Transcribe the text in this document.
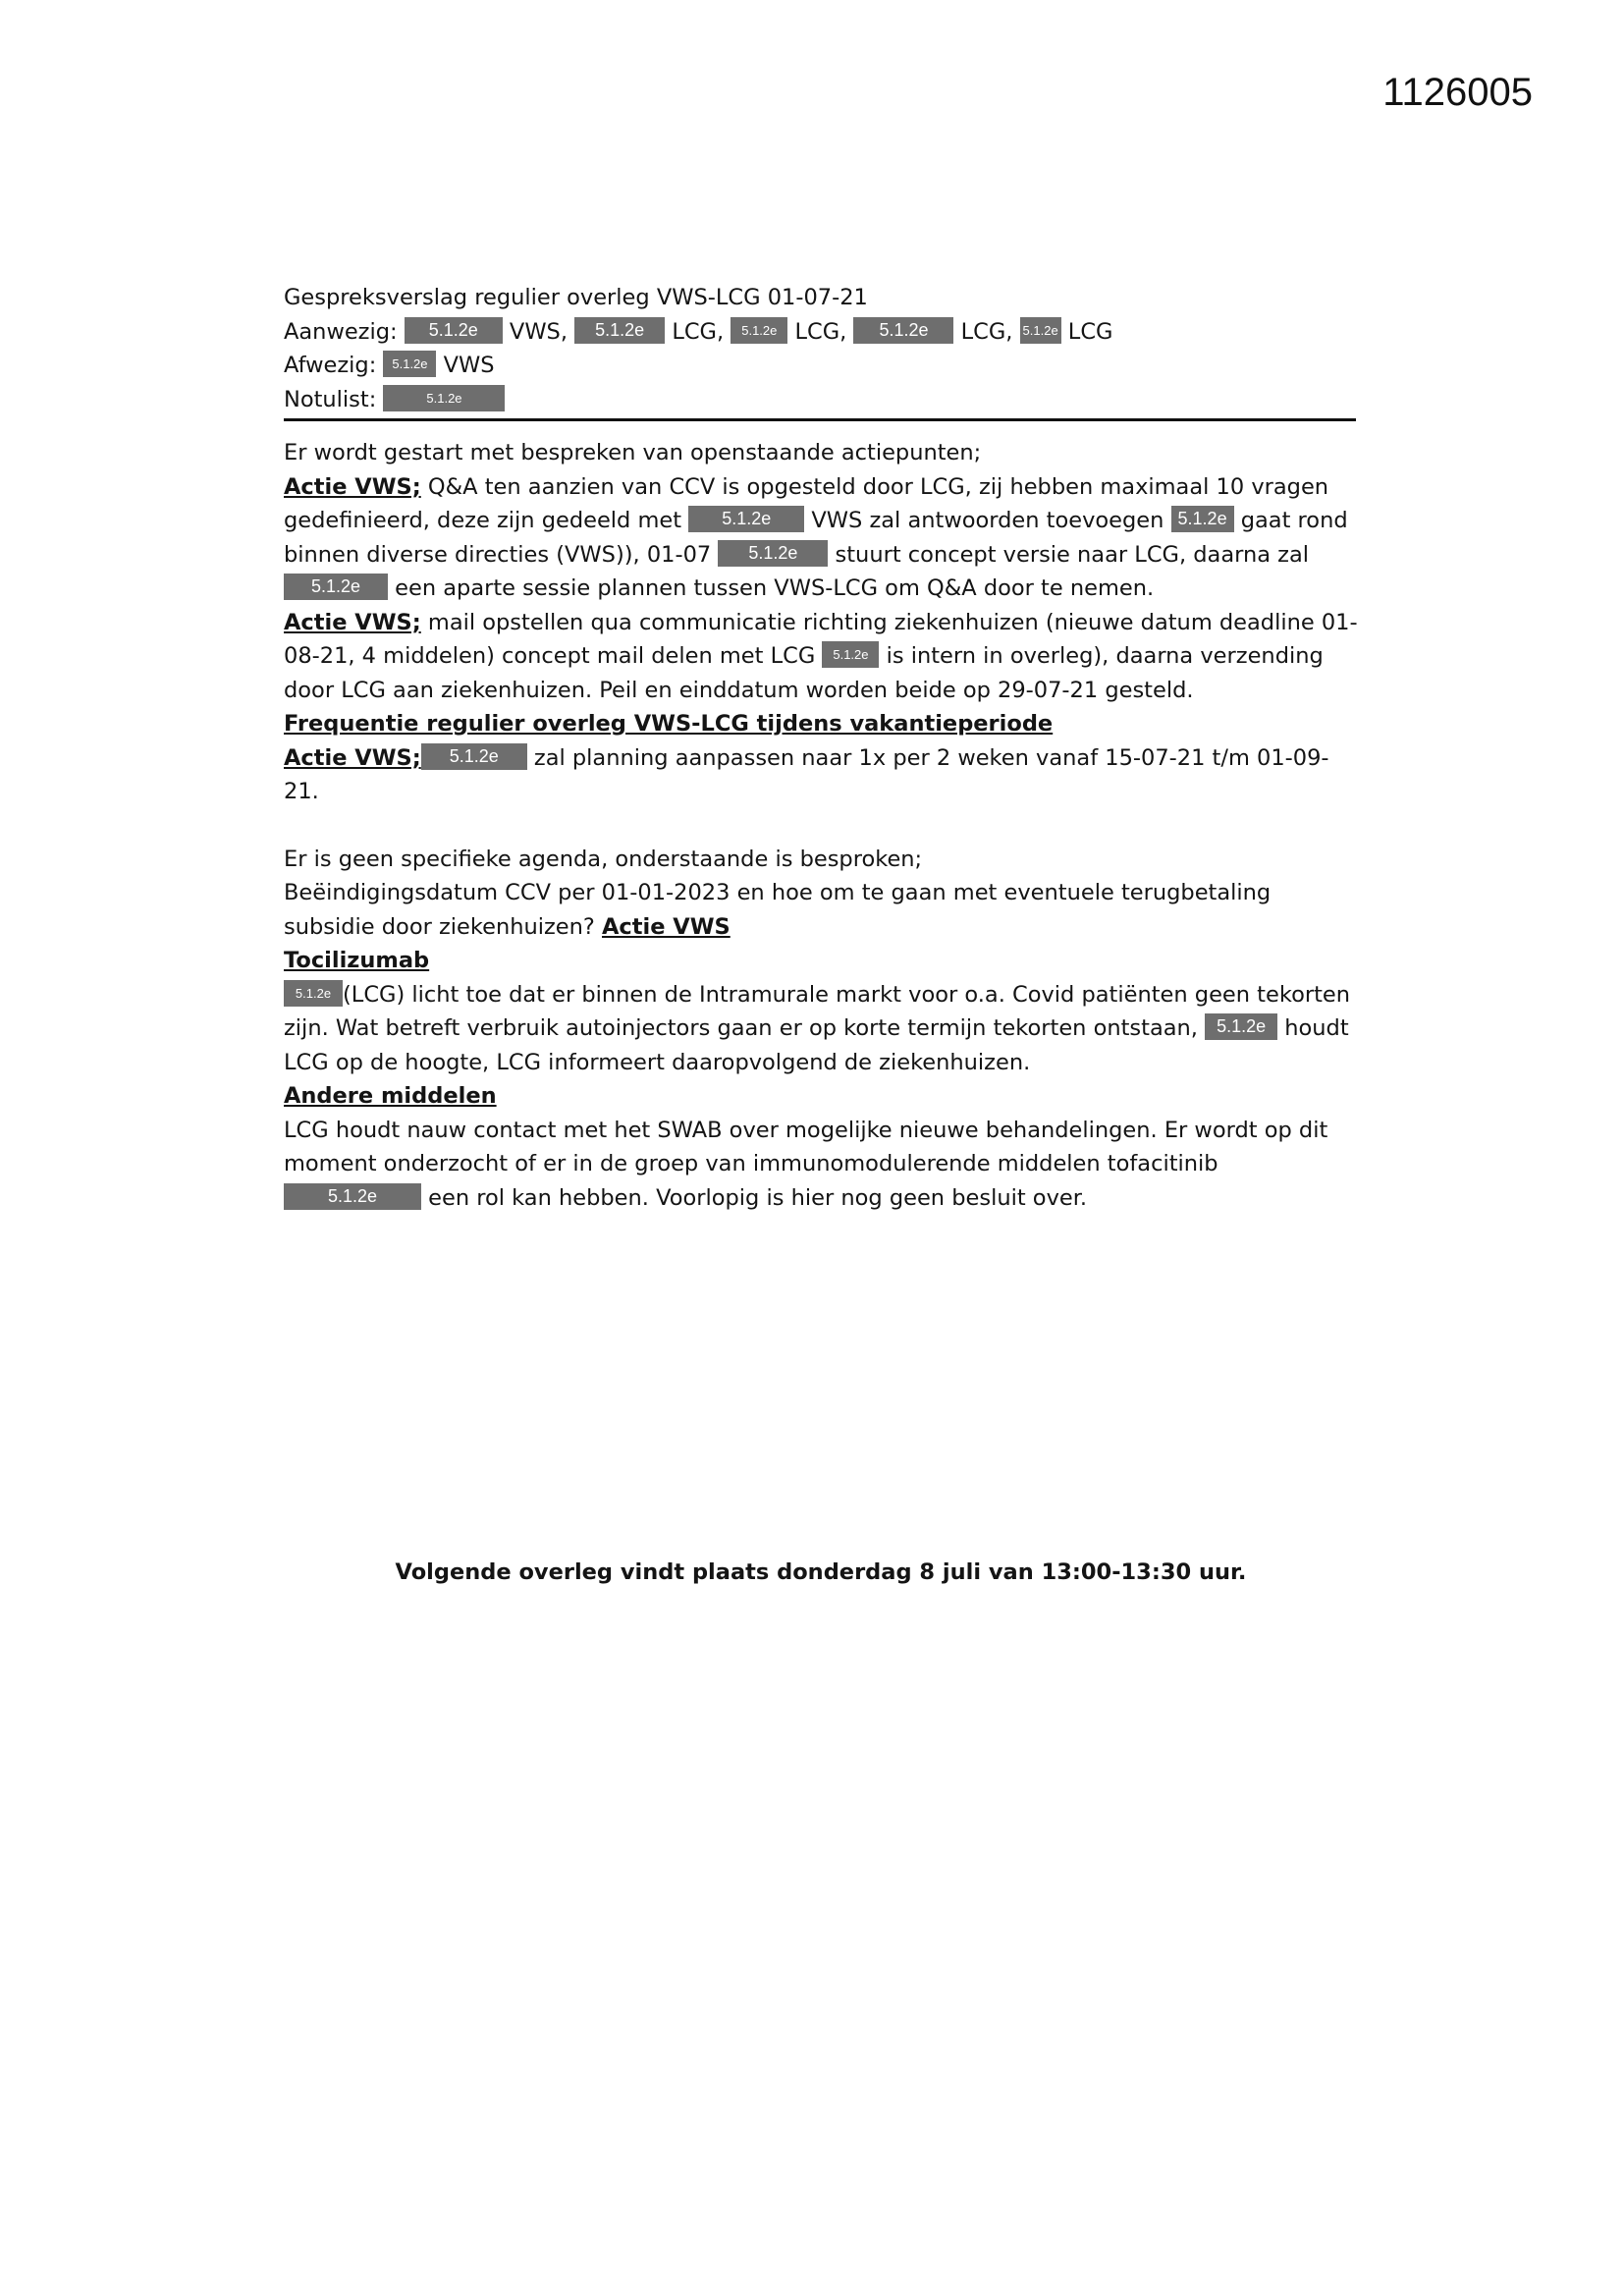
1126005

Gespreksverslag regulier overleg VWS-LCG 01-07-21

Aanwezig: 5.1.2e VWS, 5.1.2e LCG, 5.1.2e LCG, 5.1.2e LCG, 5.1.2e LCG

Afwezig: 5.1.2e VWS

Notulist:	5.1.2e

Er wordt gestart met bespreken van openstaande actiepunten;

Actie VWS; Q&A ten aanzien van CCV is opgesteld door LCG, zij hebben maximaal 10 vragen gedefinieerd, deze zijn gedeeld met 5.1.2e VWS zal antwoorden toevoegen 5.1.2e gaat rond binnen diverse directies (VWS)), 01-07 5.1.2e stuurt concept versie naar LCG, daarna zal 5.1.2e een aparte sessie plannen tussen VWS-LCG om Q&A door te nemen.

Actie VWS; mail opstellen qua communicatie richting ziekenhuizen (nieuwe datum deadline 01-08-21, 4 middelen) concept mail delen met LCG 5.1.2e is intern in overleg), daarna verzending door LCG aan ziekenhuizen. Peil en einddatum worden beide op 29-07-21 gesteld.

Frequentie regulier overleg VWS-LCG tijdens vakantieperiode

Actie VWS; 5.1.2e zal planning aanpassen naar 1x per 2 weken vanaf 15-07-21 t/m 01-09-21.

Er is geen specifieke agenda, onderstaande is besproken;

Beëindigingsdatum CCV per 01-01-2023 en hoe om te gaan met eventuele terugbetaling subsidie door ziekenhuizen? Actie VWS

Tocilizumab

5.1.2e (LCG) licht toe dat er binnen de Intramurale markt voor o.a. Covid patiënten geen tekorten zijn. Wat betreft verbruik autoinjectors gaan er op korte termijn tekorten ontstaan, 5.1.2e houdt LCG op de hoogte, LCG informeert daaropvolgend de ziekenhuizen.

Andere middelen

LCG houdt nauw contact met het SWAB over mogelijke nieuwe behandelingen. Er wordt op dit moment onderzocht of er in de groep van immunomodulerende middelen tofacitinib 5.1.2e een rol kan hebben. Voorlopig is hier nog geen besluit over.

Volgende overleg vindt plaats donderdag 8 juli van 13:00-13:30 uur.
